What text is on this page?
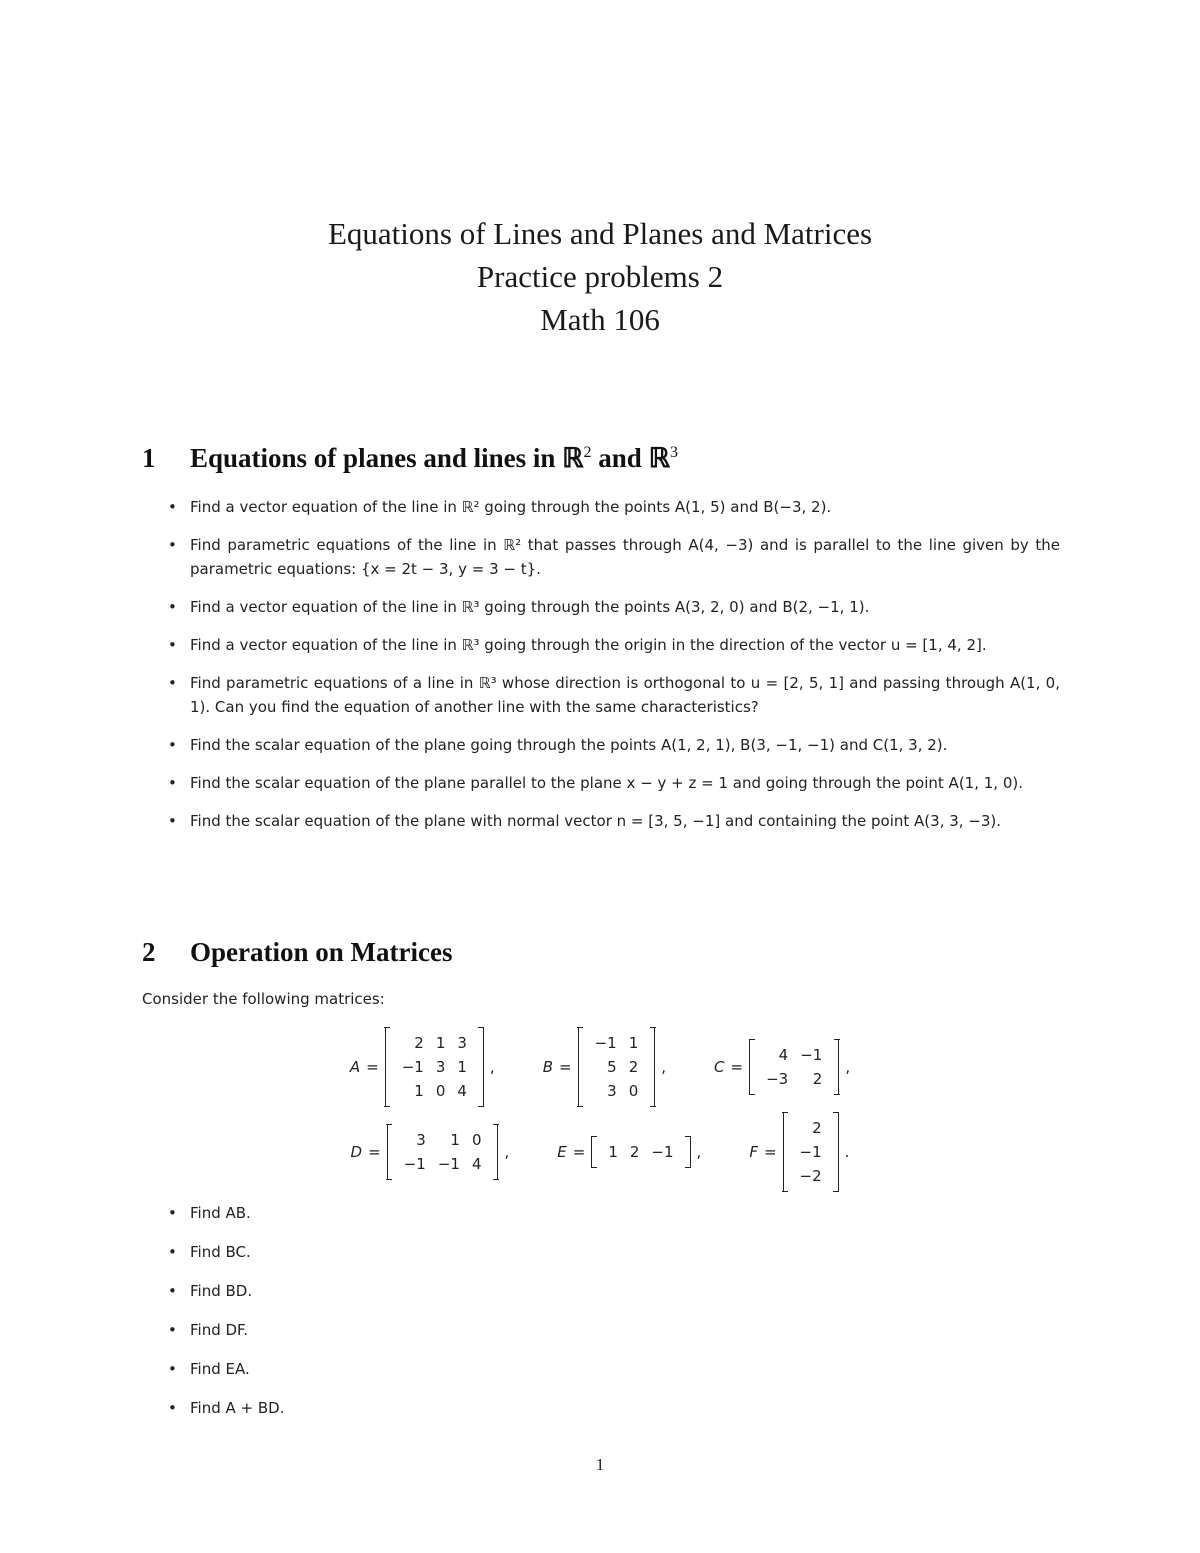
Equations of Lines and Planes and Matrices
Practice problems 2
Math 106
1 Equations of planes and lines in ℝ$^2$ and ℝ$^3$
• Find a vector equation of the line in ℝ² going through the points A(1, 5) and B(−3, 2).
• Find parametric equations of the line in ℝ² that passes through A(4, −3) and is parallel to the line given by the parametric equations: {x = 2t − 3, y = 3 − t}.
• Find a vector equation of the line in ℝ³ going through the points A(3, 2, 0) and B(2, −1, 1).
• Find a vector equation of the line in ℝ³ going through the origin in the direction of the vector u = [1, 4, 2].
• Find parametric equations of a line in ℝ³ whose direction is orthogonal to u = [2, 5, 1] and passing through A(1, 0, 1). Can you find the equation of another line with the same characteristics?
• Find the scalar equation of the plane going through the points A(1, 2, 1), B(3, −1, −1) and C(1, 3, 2).
• Find the scalar equation of the plane parallel to the plane x − y + z = 1 and going through the point A(1, 1, 0).
• Find the scalar equation of the plane with normal vector n = [3, 5, −1] and containing the point A(3, 3, −3).
2 Operation on Matrices
Consider the following matrices:
A =
2	1	3
−1	3	1
1	0	4
,	B =
−1	1
5	2
3	0
,	C =
4	−1
−3	2
,
D =
3	1	0
−1	−1	4
,	E = 1	2	−1 ,	F =
2
−1
−2
.
• Find AB.
• Find BC.
• Find BD.
• Find DF.
• Find EA.
• Find A + BD.
1
